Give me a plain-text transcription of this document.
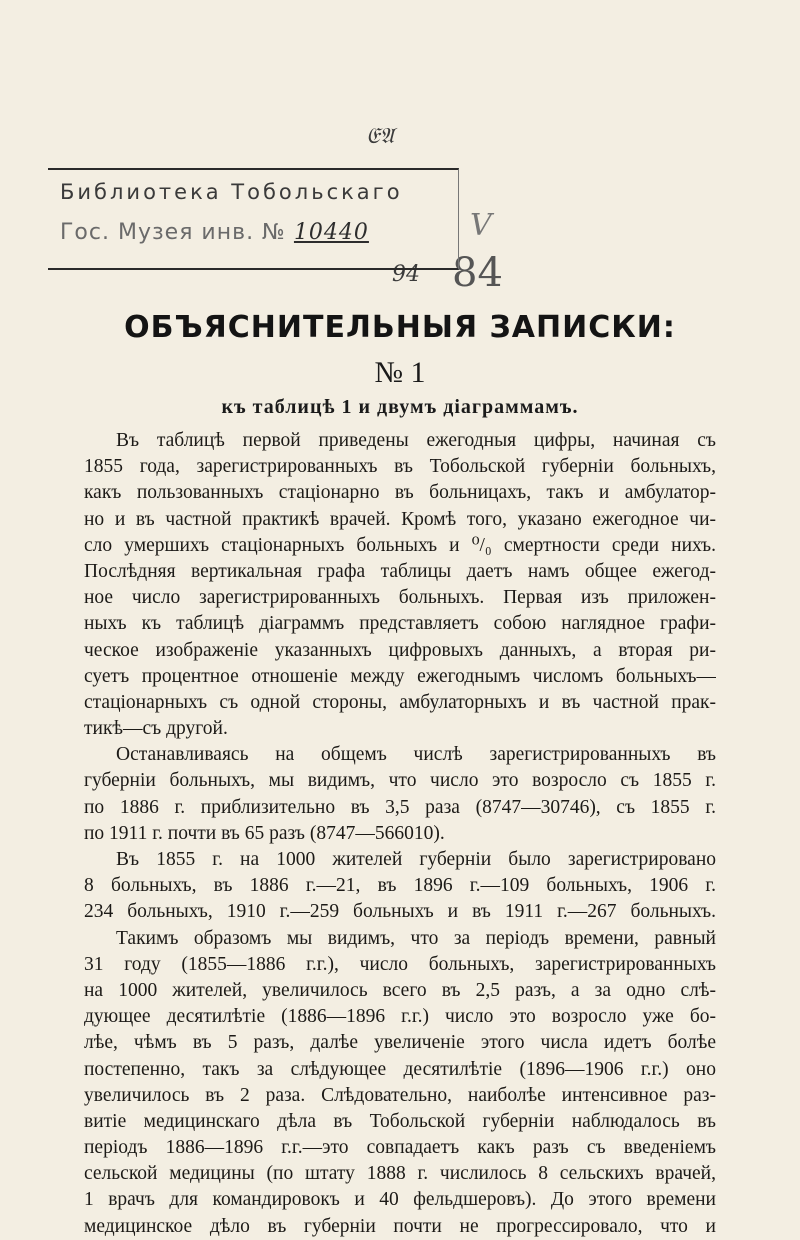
𝔈𝔄
V
94 84
Библиотека Тобольскаго
Гос. Музея инв. № 10440
ОБЪЯСНИТЕЛЬНЫЯ ЗАПИСКИ:
№ 1
къ таблицѣ 1 и двумъ діаграммамъ.
Въ таблицѣ первой приведены ежегодныя цифры, начиная съ
1855 года, зарегистрированныхъ въ Тобольской губерніи больныхъ,
какъ пользованныхъ стаціонарно въ больницахъ, такъ и амбулатор-
но и въ частной практикѣ врачей. Кромѣ того, указано ежегодное чи-
сло умершихъ стаціонарныхъ больныхъ и ⁰/₀ смертности среди нихъ.
Послѣдняя вертикальная графа таблицы даетъ намъ общее ежегод-
ное число зарегистрированныхъ больныхъ. Первая изъ приложен-
ныхъ къ таблицѣ діаграммъ представляетъ собою наглядное графи-
ческое изображеніе указанныхъ цифровыхъ данныхъ, а вторая ри-
суетъ процентное отношеніе между ежегоднымъ числомъ больныхъ—
стаціонарныхъ съ одной стороны, амбулаторныхъ и въ частной прак-
тикѣ—съ другой.
Останавливаясь на общемъ числѣ зарегистрированныхъ въ
губерніи больныхъ, мы видимъ, что число это возросло съ 1855 г.
по 1886 г. приблизительно въ 3,5 раза (8747—30746), съ 1855 г.
по 1911 г. почти въ 65 разъ (8747—566010).
Въ 1855 г. на 1000 жителей губерніи было зарегистрировано
8 больныхъ, въ 1886 г.—21, въ 1896 г.—109 больныхъ, 1906 г.
234 больныхъ, 1910 г.—259 больныхъ и въ 1911 г.—267 больныхъ.
Такимъ образомъ мы видимъ, что за періодъ времени, равный
31 году (1855—1886 г.г.), число больныхъ, зарегистрированныхъ
на 1000 жителей, увеличилось всего въ 2,5 разъ, а за одно слѣ-
дующее десятилѣтіе (1886—1896 г.г.) число это возросло уже бо-
лѣе, чѣмъ въ 5 разъ, далѣе увеличеніе этого числа идетъ болѣе
постепенно, такъ за слѣдующее десятилѣтіе (1896—1906 г.г.) оно
увеличилось въ 2 раза. Слѣдовательно, наиболѣе интенсивное раз-
витіе медицинскаго дѣла въ Тобольской губерніи наблюдалось въ
періодъ 1886—1896 г.г.—это совпадаетъ какъ разъ съ введеніемъ
сельской медицины (по штату 1888 г. числилось 8 сельскихъ врачей,
1 врачъ для командировокъ и 40 фельдшеровъ). До этого времени
медицинское дѣло въ губерніи почти не прогрессировало, что и
